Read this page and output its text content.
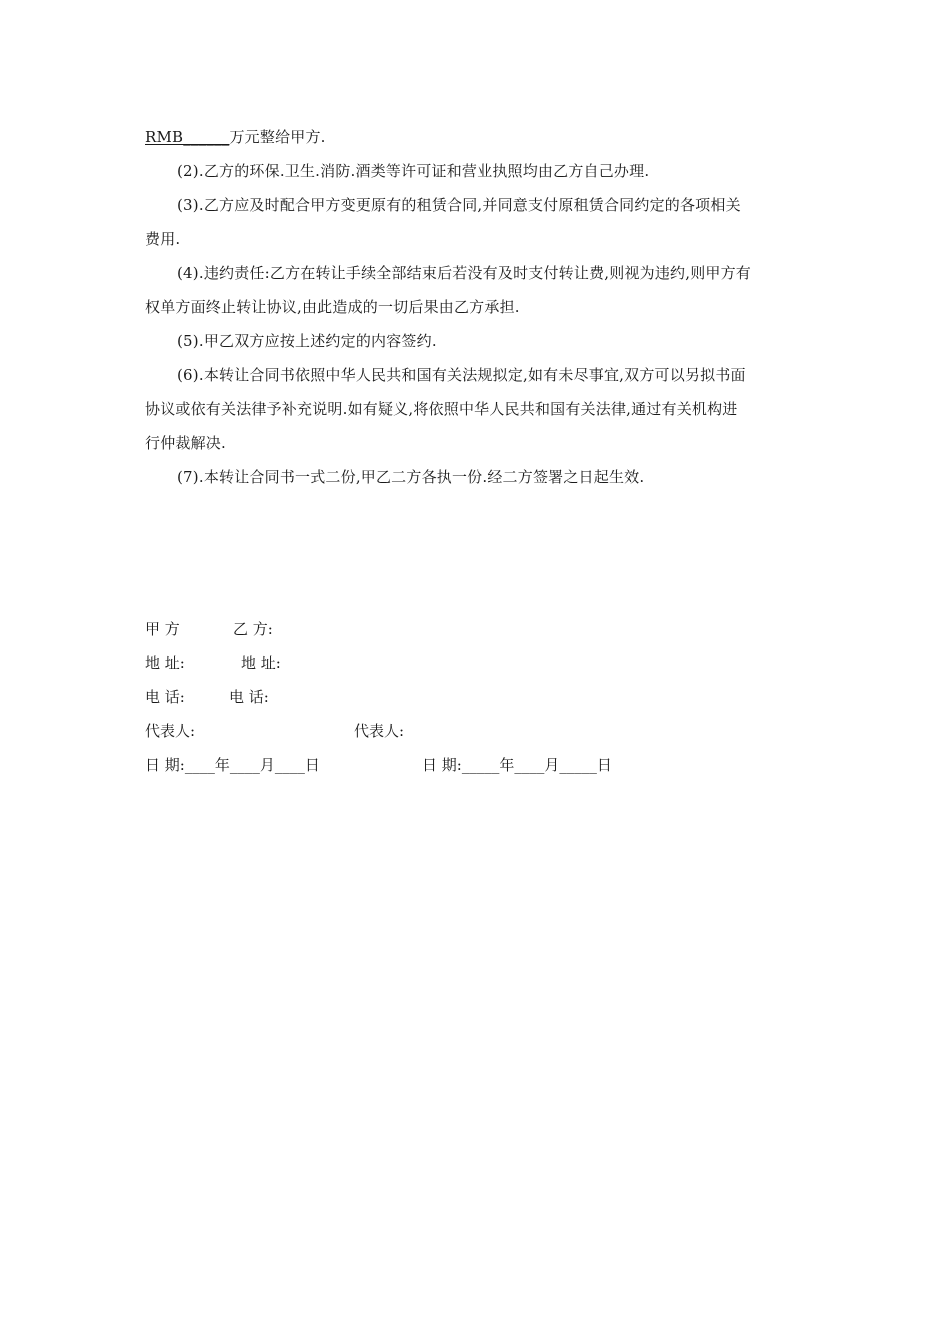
RMB______万元整给甲方.
(2).乙方的环保.卫生.消防.酒类等许可证和营业执照均由乙方自己办理.
(3).乙方应及时配合甲方变更原有的租赁合同,并同意支付原租赁合同约定的各项相关
费用.
(4).违约责任:乙方在转让手续全部结束后若没有及时支付转让费,则视为违约,则甲方有
权单方面终止转让协议,由此造成的一切后果由乙方承担.
(5).甲乙双方应按上述约定的内容签约.
(6).本转让合同书依照中华人民共和国有关法规拟定,如有未尽事宜,双方可以另拟书面
协议或依有关法律予补充说明.如有疑义,将依照中华人民共和国有关法律,通过有关机构进
行仲裁解决.
(7).本转让合同书一式二份,甲乙二方各执一份.经二方签署之日起生效.
甲 方	乙 方:
地 址:	地 址:
电 话:	电 话:
代表人:	代表人:
日 期:____年____月____日	日 期:_____年____月_____日
